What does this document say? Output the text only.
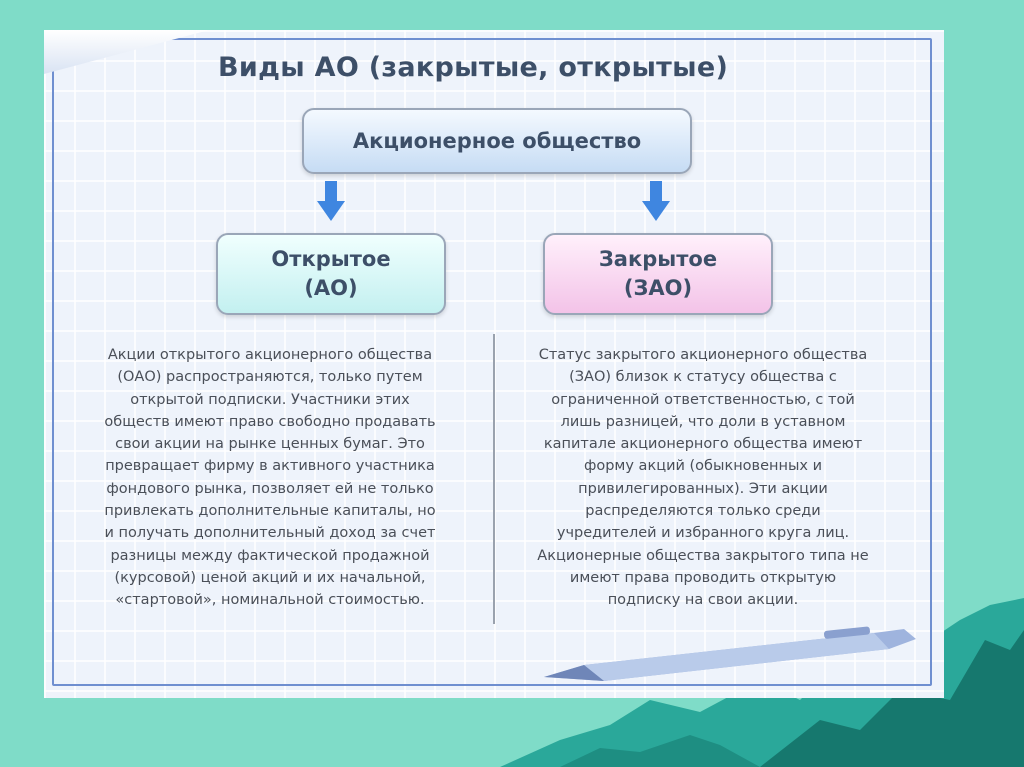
Виды АО (закрытые, открытые)
Акционерное общество
Открытое
(АО)
Закрытое
(ЗАО)

Акции открытого акционерного общества
(ОАО) распространяются, только путем
открытой подписки. Участники этих
обществ имеют право свободно продавать
свои акции на рынке ценных бумаг. Это
превращает фирму в активного участника
фондового рынка, позволяет ей не только
привлекать дополнительные капиталы, но
и получать дополнительный доход за счет
разницы между фактической продажной
(курсовой) ценой акций и их начальной,
«стартовой», номинальной стоимостью.

Статус закрытого акционерного общества
(ЗАО) близок к статусу общества с
ограниченной ответственностью, с той
лишь разницей, что доли в уставном
капитале акционерного общества имеют
форму акций (обыкновенных и
привилегированных). Эти акции
распределяются только среди
учредителей и избранного круга лиц.
Акционерные общества закрытого типа не
имеют права проводить открытую
подписку на свои акции.
